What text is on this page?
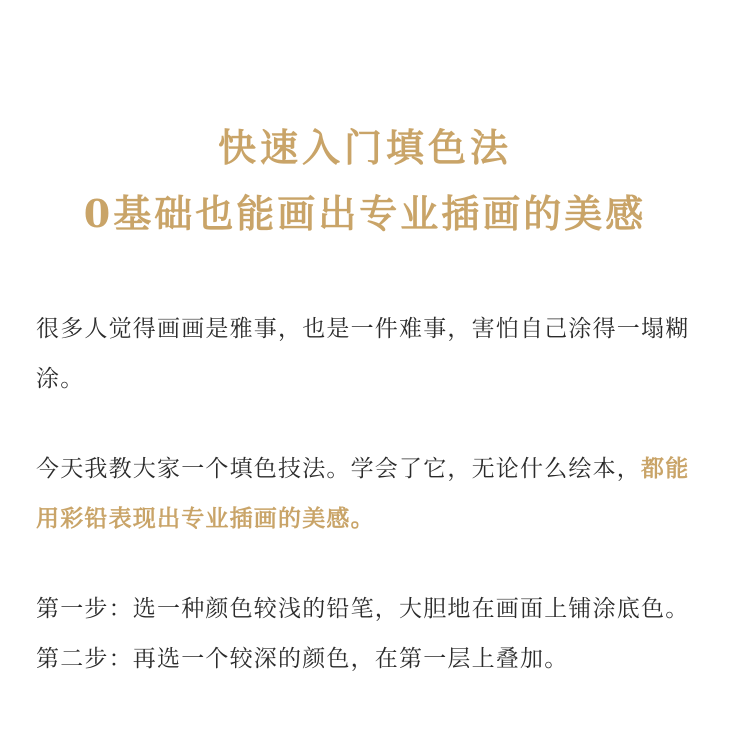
快速入门填色法
0基础也能画出专业插画的美感

很多人觉得画画是雅事，也是一件难事，害怕自己涂得一塌糊涂。

今天我教大家一个填色技法。学会了它，无论什么绘本，都能用彩铅表现出专业插画的美感。

第一步：选一种颜色较浅的铅笔，大胆地在画面上铺涂底色。
第二步：再选一个较深的颜色，在第一层上叠加。
